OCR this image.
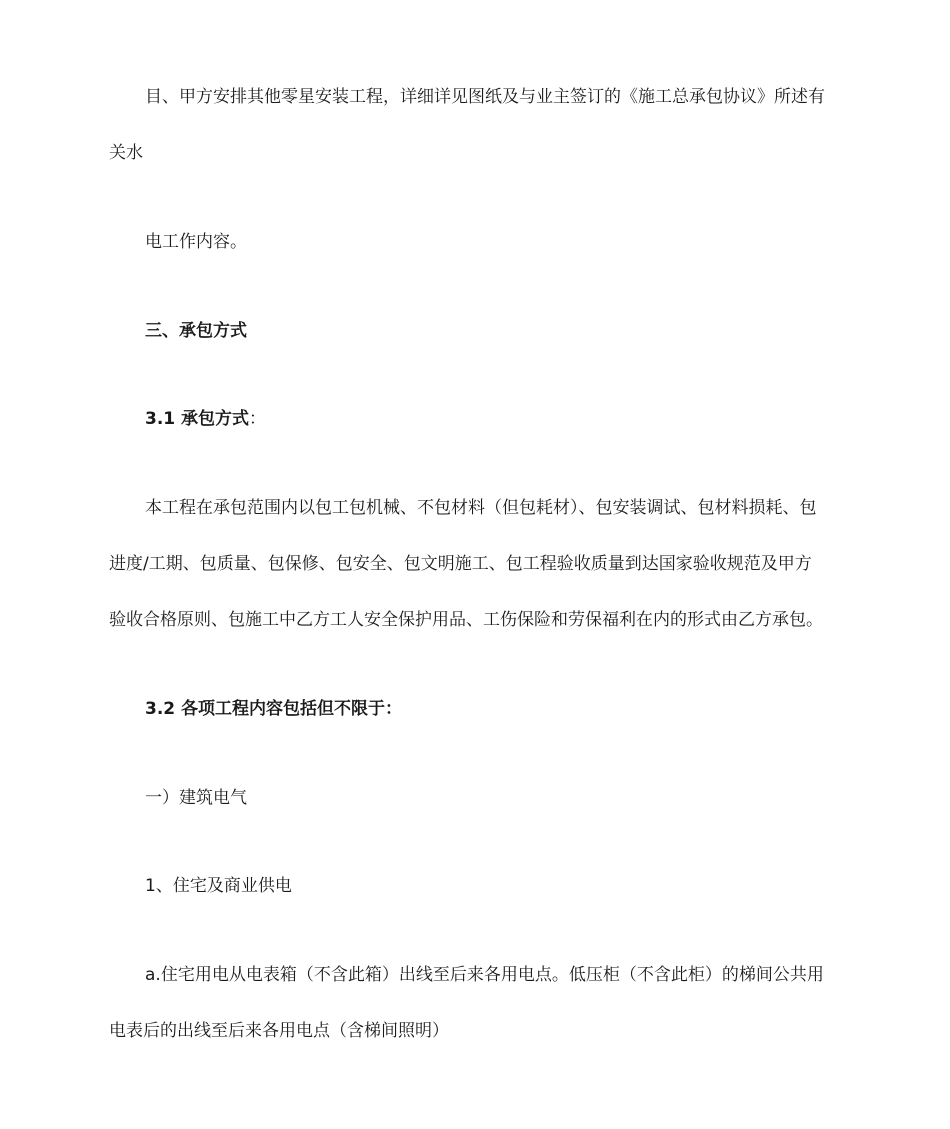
目、甲方安排其他零星安装工程，详细详见图纸及与业主签订的《施工总承包协议》所述有
关水
电工作内容。
三、承包方式
3.1 承包方式：
本工程在承包范围内以包工包机械、不包材料（但包耗材）、包安装调试、包材料损耗、包
进度/工期、包质量、包保修、包安全、包文明施工、包工程验收质量到达国家验收规范及甲方
验收合格原则、包施工中乙方工人安全保护用品、工伤保险和劳保福利在内的形式由乙方承包。
3.2 各项工程内容包括但不限于：
一）建筑电气
1、住宅及商业供电
a.住宅用电从电表箱（不含此箱）出线至后来各用电点。低压柜（不含此柜）的梯间公共用
电表后的出线至后来各用电点（含梯间照明）
